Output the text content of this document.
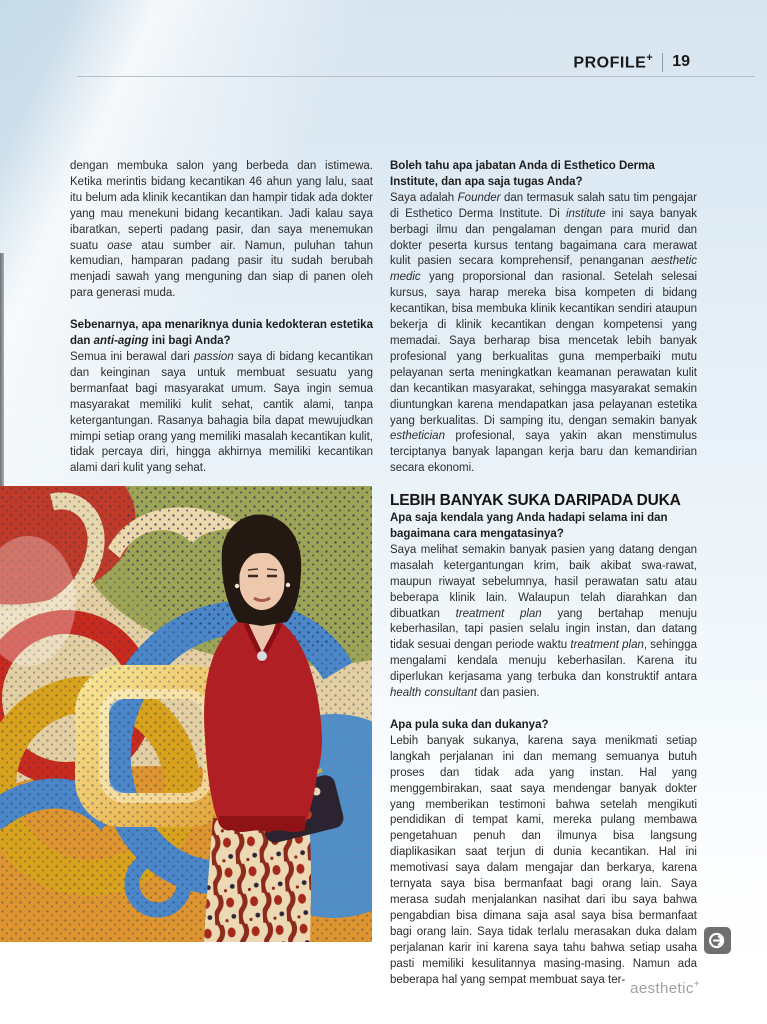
PROFILE+ 19

dengan membuka salon yang berbeda dan istimewa. Ketika merintis bidang kecantikan 46 ahun yang lalu, saat itu belum ada klinik kecantikan dan hampir tidak ada dokter yang mau menekuni bidang kecantikan. Jadi kalau saya ibaratkan, seperti padang pasir, dan saya menemukan suatu oase atau sumber air. Namun, puluhan tahun kemudian, hamparan padang pasir itu sudah berubah menjadi sawah yang menguning dan siap di panen oleh para generasi muda.

Sebenarnya, apa menariknya dunia kedokteran estetika dan anti-aging ini bagi Anda?

Semua ini berawal dari passion saya di bidang kecantikan dan keinginan saya untuk membuat sesuatu yang bermanfaat bagi masyarakat umum. Saya ingin semua masyarakat memiliki kulit sehat, cantik alami, tanpa ketergantungan. Rasanya bahagia bila dapat mewujudkan mimpi setiap orang yang memiliki masalah kecantikan kulit, tidak percaya diri, hingga akhirnya memiliki kecantikan alami dari kulit yang sehat.

Boleh tahu apa jabatan Anda di Esthetico Derma Institute, dan apa saja tugas Anda?

Saya adalah Founder dan termasuk salah satu tim pengajar di Esthetico Derma Institute. Di institute ini saya banyak berbagi ilmu dan pengalaman dengan para murid dan dokter peserta kursus tentang bagaimana cara merawat kulit pasien secara komprehensif, penanganan aesthetic medic yang proporsional dan rasional. Setelah selesai kursus, saya harap mereka bisa kompeten di bidang kecantikan, bisa membuka klinik kecantikan sendiri ataupun bekerja di klinik kecantikan dengan kompetensi yang memadai. Saya berharap bisa mencetak lebih banyak profesional yang berkualitas guna memperbaiki mutu pelayanan serta meningkatkan keamanan perawatan kulit dan kecantikan masyarakat, sehingga masyarakat semakin diuntungkan karena mendapatkan jasa pelayanan estetika yang berkualitas. Di samping itu, dengan semakin banyak esthetician profesional, saya yakin akan menstimulus terciptanya banyak lapangan kerja baru dan kemandirian secara ekonomi.

LEBIH BANYAK SUKA DARIPADA DUKA

Apa saja kendala yang Anda hadapi selama ini dan bagaimana cara mengatasinya?

Saya melihat semakin banyak pasien yang datang dengan masalah ketergantungan krim, baik akibat swa-rawat, maupun riwayat sebelumnya, hasil perawatan satu atau beberapa klinik lain. Walaupun telah diarahkan dan dibuatkan treatment plan yang bertahap menuju keberhasilan, tapi pasien selalu ingin instan, dan datang tidak sesuai dengan periode waktu treatment plan, sehingga mengalami kendala menuju keberhasilan. Karena itu diperlukan kerjasama yang terbuka dan konstruktif antara health consultant dan pasien.

Apa pula suka dan dukanya?

Lebih banyak sukanya, karena saya menikmati setiap langkah perjalanan ini dan memang semuanya butuh proses dan tidak ada yang instan. Hal yang menggembirakan, saat saya mendengar banyak dokter yang memberikan testimoni bahwa setelah mengikuti pendidikan di tempat kami, mereka pulang membawa pengetahuan penuh dan ilmunya bisa langsung diaplikasikan saat terjun di dunia kecantikan. Hal ini memotivasi saya dalam mengajar dan berkarya, karena ternyata saya bisa bermanfaat bagi orang lain. Saya merasa sudah menjalankan nasihat dari ibu saya bahwa pengabdian bisa dimana saja asal saya bisa bermanfaat bagi orang lain. Saya tidak terlalu merasakan duka dalam perjalanan karir ini karena saya tahu bahwa setiap usaha pasti memiliki kesulitannya masing-masing. Namun ada beberapa hal yang sempat membuat saya ter-

aesthetic+
